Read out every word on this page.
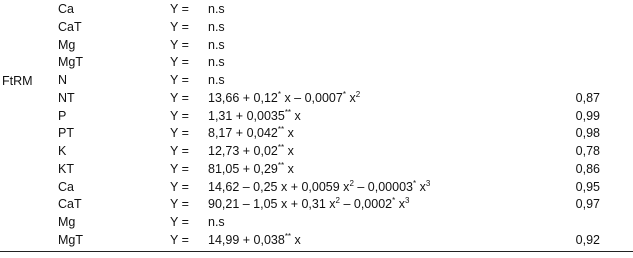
FtRM
Ca	Y = n.s
CaT	Y = n.s
Mg	Y = n.s
MgT	Y = n.s
N	Y = n.s
NT	Y = 13,66 + 0,12* x – 0,0007* $x^2$	0,87
P	Y = 1,31 + 0,0035** x	0,99
PT	Y = 8,17 + 0,042** x	0,98
K	Y = 12,73 + 0,02** x	0,78
KT	Y = 81,05 + 0,29** x	0,86
Ca	Y = 14,62 – 0,25 x + 0,0059 $x^2 - 0,00003^*$ $x^3$	0,95
CaT	Y = 90,21 – 1,05 x + 0,31 $x^2 - 0,0002^*$ $x^3$	0,97
Mg	Y = n.s
MgT	Y = 14,99 + 0,038** x	0,92
